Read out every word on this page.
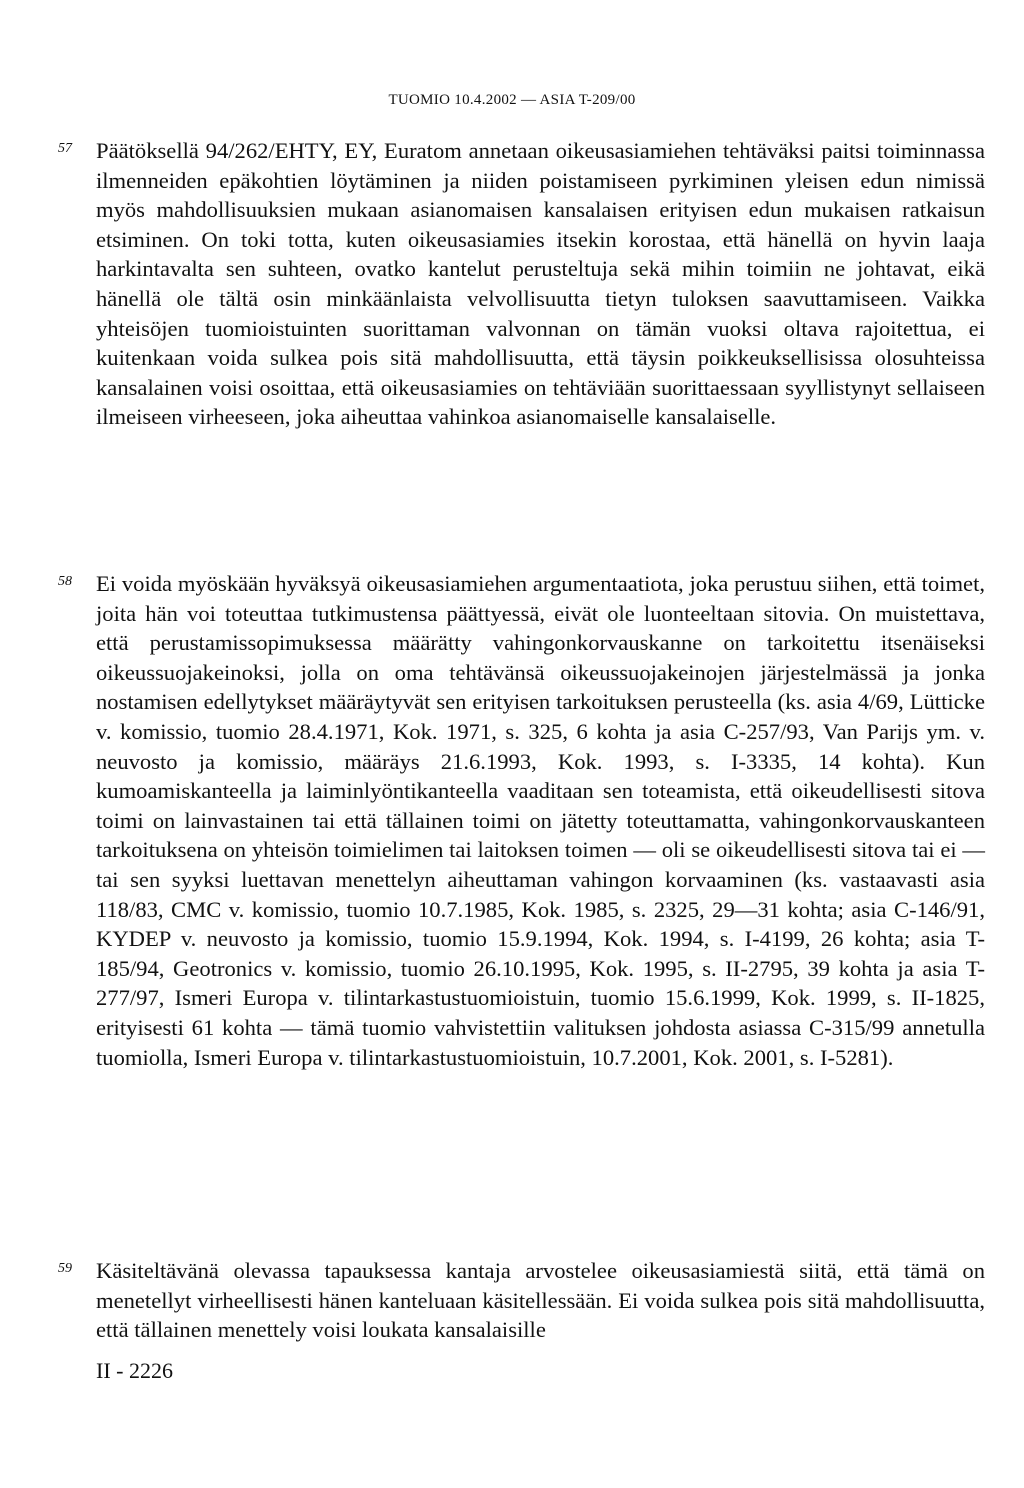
TUOMIO 10.4.2002 — ASIA T-209/00
57	Päätöksellä 94/262/EHTY, EY, Euratom annetaan oikeusasiamiehen tehtäväksi paitsi toiminnassa ilmenneiden epäkohtien löytäminen ja niiden poistamiseen pyrkiminen yleisen edun nimissä myös mahdollisuuksien mukaan asianomaisen kansalaisen erityisen edun mukaisen ratkaisun etsiminen. On toki totta, kuten oikeusasiamies itsekin korostaa, että hänellä on hyvin laaja harkintavalta sen suhteen, ovatko kantelut perusteltuja sekä mihin toimiin ne johtavat, eikä hänellä ole tältä osin minkäänlaista velvollisuutta tietyn tuloksen saavuttamiseen. Vaikka yhteisöjen tuomioistuinten suorittaman valvonnan on tämän vuoksi oltava rajoitettua, ei kuitenkaan voida sulkea pois sitä mahdollisuutta, että täysin poikkeuksellisissa olosuhteissa kansalainen voisi osoittaa, että oikeusasiamies on tehtäviään suorittaessaan syyllistynyt sellaiseen ilmeiseen virheeseen, joka aiheuttaa vahinkoa asianomaiselle kansalaiselle.

58	Ei voida myöskään hyväksyä oikeusasiamiehen argumentaatiota, joka perustuu siihen, että toimet, joita hän voi toteuttaa tutkimustensa päättyessä, eivät ole luonteeltaan sitovia. On muistettava, että perustamissopimuksessa määrätty vahingonkorvauskanne on tarkoitettu itsenäiseksi oikeussuojakeinoksi, jolla on oma tehtävänsä oikeussuojakeinojen järjestelmässä ja jonka nostamisen edellytykset määräytyvät sen erityisen tarkoituksen perusteella (ks. asia 4/69, Lütticke v. komissio, tuomio 28.4.1971, Kok. 1971, s. 325, 6 kohta ja asia C-257/93, Van Parijs ym. v. neuvosto ja komissio, määräys 21.6.1993, Kok. 1993, s. I-3335, 14 kohta). Kun kumoamiskanteella ja laiminlyöntikanteella vaaditaan sen toteamista, että oikeudellisesti sitova toimi on lainvastainen tai että tällainen toimi on jätetty toteuttamatta, vahingonkorvauskanteen tarkoituksena on yhteisön toimielimen tai laitoksen toimen — oli se oikeudellisesti sitova tai ei — tai sen syyksi luettavan menettelyn aiheuttaman vahingon korvaaminen (ks. vastaavasti asia 118/83, CMC v. komissio, tuomio 10.7.1985, Kok. 1985, s. 2325, 29—31 kohta; asia C-146/91, KYDEP v. neuvosto ja komissio, tuomio 15.9.1994, Kok. 1994, s. I-4199, 26 kohta; asia T-185/94, Geotronics v. komissio, tuomio 26.10.1995, Kok. 1995, s. II-2795, 39 kohta ja asia T-277/97, Ismeri Europa v. tilintarkastustuomioistuin, tuomio 15.6.1999, Kok. 1999, s. II-1825, erityisesti 61 kohta — tämä tuomio vahvistettiin valituksen johdosta asiassa C-315/99 annetulla tuomiolla, Ismeri Europa v. tilintarkastustuomioistuin, 10.7.2001, Kok. 2001, s. I-5281).

59	Käsiteltävänä olevassa tapauksessa kantaja arvostelee oikeusasiamiestä siitä, että tämä on menetellyt virheellisesti hänen kanteluaan käsitellessään. Ei voida sulkea pois sitä mahdollisuutta, että tällainen menettely voisi loukata kansalaisille

II - 2226
